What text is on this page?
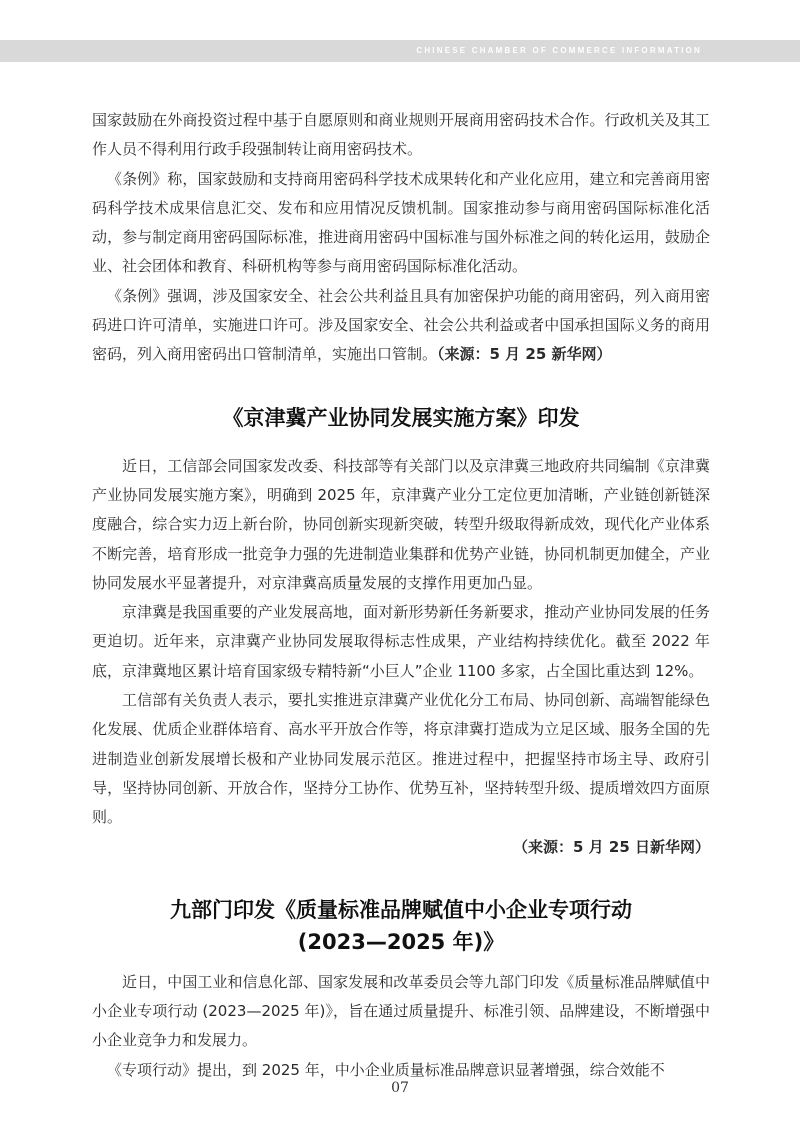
CHINESE CHAMBER OF COMMERCE INFORMATION

国家鼓励在外商投资过程中基于自愿原则和商业规则开展商用密码技术合作。行政机关及其工作人员不得利用行政手段强制转让商用密码技术。

《条例》称，国家鼓励和支持商用密码科学技术成果转化和产业化应用，建立和完善商用密码科学技术成果信息汇交、发布和应用情况反馈机制。国家推动参与商用密码国际标准化活动，参与制定商用密码国际标准，推进商用密码中国标准与国外标准之间的转化运用，鼓励企业、社会团体和教育、科研机构等参与商用密码国际标准化活动。

《条例》强调，涉及国家安全、社会公共利益且具有加密保护功能的商用密码，列入商用密码进口许可清单，实施进口许可。涉及国家安全、社会公共利益或者中国承担国际义务的商用密码，列入商用密码出口管制清单，实施出口管制。（来源：5 月 25 新华网）

《京津冀产业协同发展实施方案》印发

近日，工信部会同国家发改委、科技部等有关部门以及京津冀三地政府共同编制《京津冀产业协同发展实施方案》，明确到 2025 年，京津冀产业分工定位更加清晰，产业链创新链深度融合，综合实力迈上新台阶，协同创新实现新突破，转型升级取得新成效，现代化产业体系不断完善，培育形成一批竞争力强的先进制造业集群和优势产业链，协同机制更加健全，产业协同发展水平显著提升，对京津冀高质量发展的支撑作用更加凸显。

京津冀是我国重要的产业发展高地，面对新形势新任务新要求，推动产业协同发展的任务更迫切。近年来，京津冀产业协同发展取得标志性成果，产业结构持续优化。截至 2022 年底，京津冀地区累计培育国家级专精特新“小巨人”企业 1100 多家，占全国比重达到 12%。

工信部有关负责人表示，要扎实推进京津冀产业优化分工布局、协同创新、高端智能绿色化发展、优质企业群体培育、高水平开放合作等，将京津冀打造成为立足区域、服务全国的先进制造业创新发展增长极和产业协同发展示范区。推进过程中，把握坚持市场主导、政府引导，坚持协同创新、开放合作，坚持分工协作、优势互补，坚持转型升级、提质增效四方面原则。

（来源：5 月 25 日新华网）
九部门印发《质量标准品牌赋值中小企业专项行动
(2023—2025 年)》

近日，中国工业和信息化部、国家发展和改革委员会等九部门印发《质量标准品牌赋值中小企业专项行动 (2023—2025 年)》，旨在通过质量提升、标准引领、品牌建设，不断增强中小企业竞争力和发展力。

《专项行动》提出，到 2025 年，中小企业质量标准品牌意识显著增强，综合效能不

07
